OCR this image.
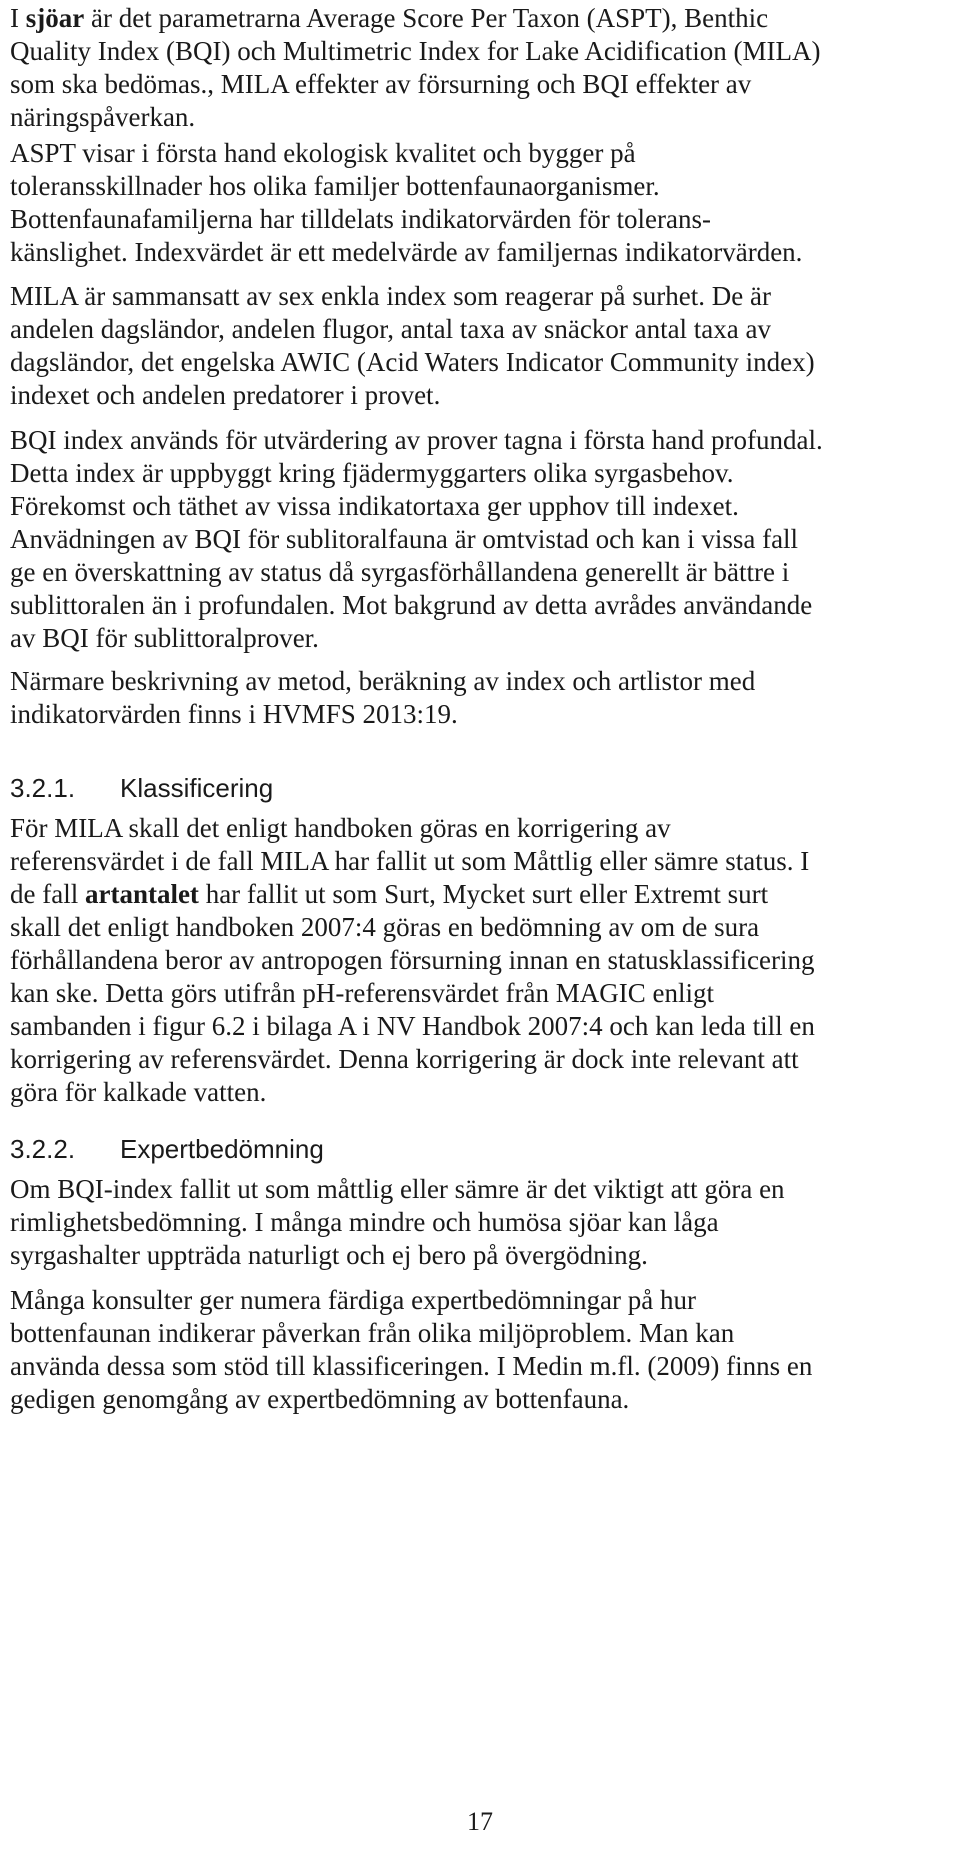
I sjöar är det parametrarna Average Score Per Taxon (ASPT), Benthic
Quality Index (BQI) och Multimetric Index for Lake Acidification (MILA)
som ska bedömas., MILA effekter av försurning och BQI effekter av
näringspåverkan.
ASPT visar i första hand ekologisk kvalitet och bygger på
toleransskillnader hos olika familjer bottenfaunaorganismer.
Bottenfaunafamiljerna har tilldelats indikatorvärden för tolerans-
känslighet. Indexvärdet är ett medelvärde av familjernas indikatorvärden.
MILA är sammansatt av sex enkla index som reagerar på surhet. De är
andelen dagsländor, andelen flugor, antal taxa av snäckor antal taxa av
dagsländor, det engelska AWIC (Acid Waters Indicator Community index)
indexet och andelen predatorer i provet.
BQI index används för utvärdering av prover tagna i första hand profundal.
Detta index är uppbyggt kring fjädermyggarters olika syrgasbehov.
Förekomst och täthet av vissa indikatortaxa ger upphov till indexet.
Anvädningen av BQI för sublitoralfauna är omtvistad och kan i vissa fall
ge en överskattning av status då syrgasförhållandena generellt är bättre i
sublittoralen än i profundalen. Mot bakgrund av detta avrådes användande
av BQI för sublittoralprover.
Närmare beskrivning av metod, beräkning av index och artlistor med
indikatorvärden finns i HVMFS 2013:19.
3.2.1. Klassificering
För MILA skall det enligt handboken göras en korrigering av
referensvärdet i de fall MILA har fallit ut som Måttlig eller sämre status. I
de fall artantalet har fallit ut som Surt, Mycket surt eller Extremt surt
skall det enligt handboken 2007:4 göras en bedömning av om de sura
förhållandena beror av antropogen försurning innan en statusklassificering
kan ske. Detta görs utifrån pH-referensvärdet från MAGIC enligt
sambanden i figur 6.2 i bilaga A i NV Handbok 2007:4 och kan leda till en
korrigering av referensvärdet. Denna korrigering är dock inte relevant att
göra för kalkade vatten.
3.2.2. Expertbedömning
Om BQI-index fallit ut som måttlig eller sämre är det viktigt att göra en
rimlighetsbedömning. I många mindre och humösa sjöar kan låga
syrgashalter uppträda naturligt och ej bero på övergödning.
Många konsulter ger numera färdiga expertbedömningar på hur
bottenfaunan indikerar påverkan från olika miljöproblem. Man kan
använda dessa som stöd till klassificeringen. I Medin m.fl. (2009) finns en
gedigen genomgång av expertbedömning av bottenfauna.
17
